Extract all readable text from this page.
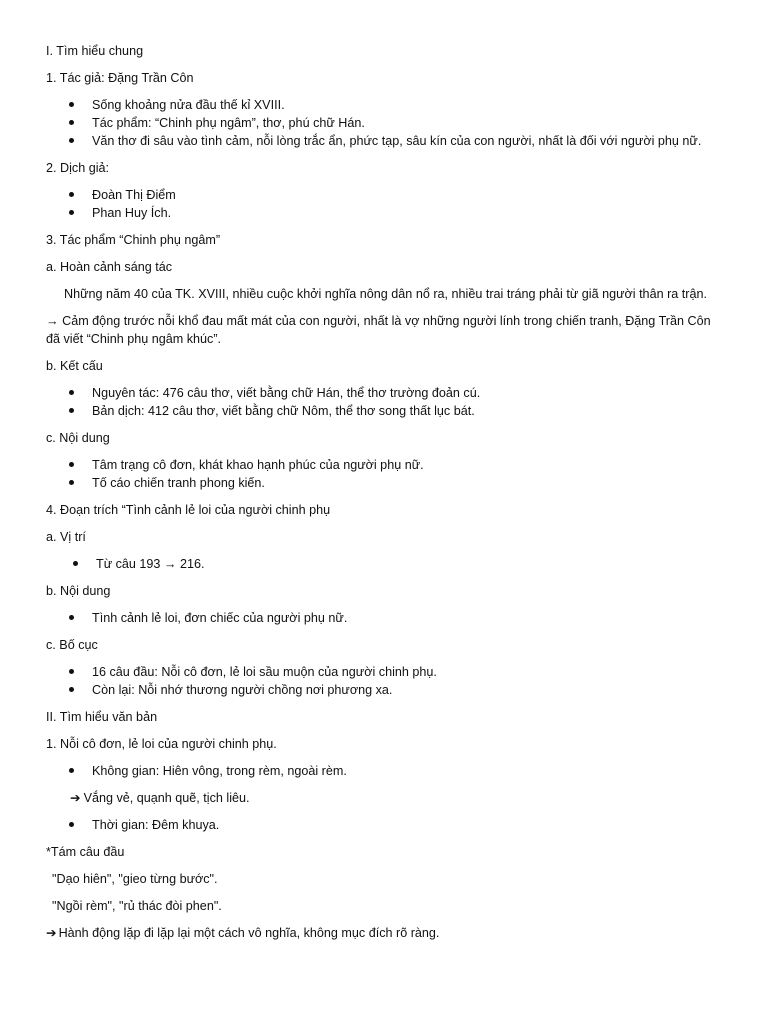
I. Tìm hiểu chung
1. Tác giả: Đặng Trần Côn
Sống khoảng nửa đầu thế kỉ XVIII.
Tác phẩm: “Chinh phụ ngâm”, thơ, phú chữ Hán.
Văn thơ đi sâu vào tình cảm, nỗi lòng trắc ẩn, phức tạp, sâu kín của con người, nhất là đối với người phụ nữ.
2. Dịch giả:
Đoàn Thị Điểm
Phan Huy Ích.
3. Tác phẩm “Chinh phụ ngâm”
a. Hoàn cảnh sáng tác
Những năm 40 của TK. XVIII, nhiều cuộc khởi nghĩa nông dân nổ ra, nhiều trai tráng phải từ giã người thân ra trận.
→ Cảm động trước nỗi khổ đau mất mát của con người, nhất là vợ những người lính trong chiến tranh, Đặng Trần Côn đã viết “Chinh phụ ngâm khúc”.
b. Kết cấu
Nguyên tác: 476 câu thơ, viết bằng chữ Hán, thể thơ trường đoản cú.
Bản dịch: 412 câu thơ, viết bằng chữ Nôm, thể thơ song thất lục bát.
c. Nội dung
Tâm trạng cô đơn, khát khao hạnh phúc của người phụ nữ.
Tố cáo chiến tranh phong kiến.
4. Đoạn trích “Tình cảnh lẻ loi của người chinh phụ
a. Vị trí
Từ câu 193 → 216.
b. Nội dung
Tình cảnh lẻ loi, đơn chiếc của người phụ nữ.
c. Bố cục
16 câu đầu: Nỗi cô đơn, lẻ loi sầu muộn của người chinh phụ.
Còn lại: Nỗi nhớ thương người chồng nơi phương xa.
II. Tìm hiểu văn bản
1. Nỗi cô đơn, lẻ loi của người chinh phụ.
Không gian: Hiên vông, trong rèm, ngoài rèm.
➔ Vắng vẻ, quạnh quẽ, tịch liêu.
Thời gian: Đêm khuya.
*Tám câu đầu
"Dạo hiên", "gieo từng bước".
"Ngồi rèm", "rủ thác đòi phen".
➔ Hành động lặp đi lặp lại một cách vô nghĩa, không mục đích rõ ràng.
